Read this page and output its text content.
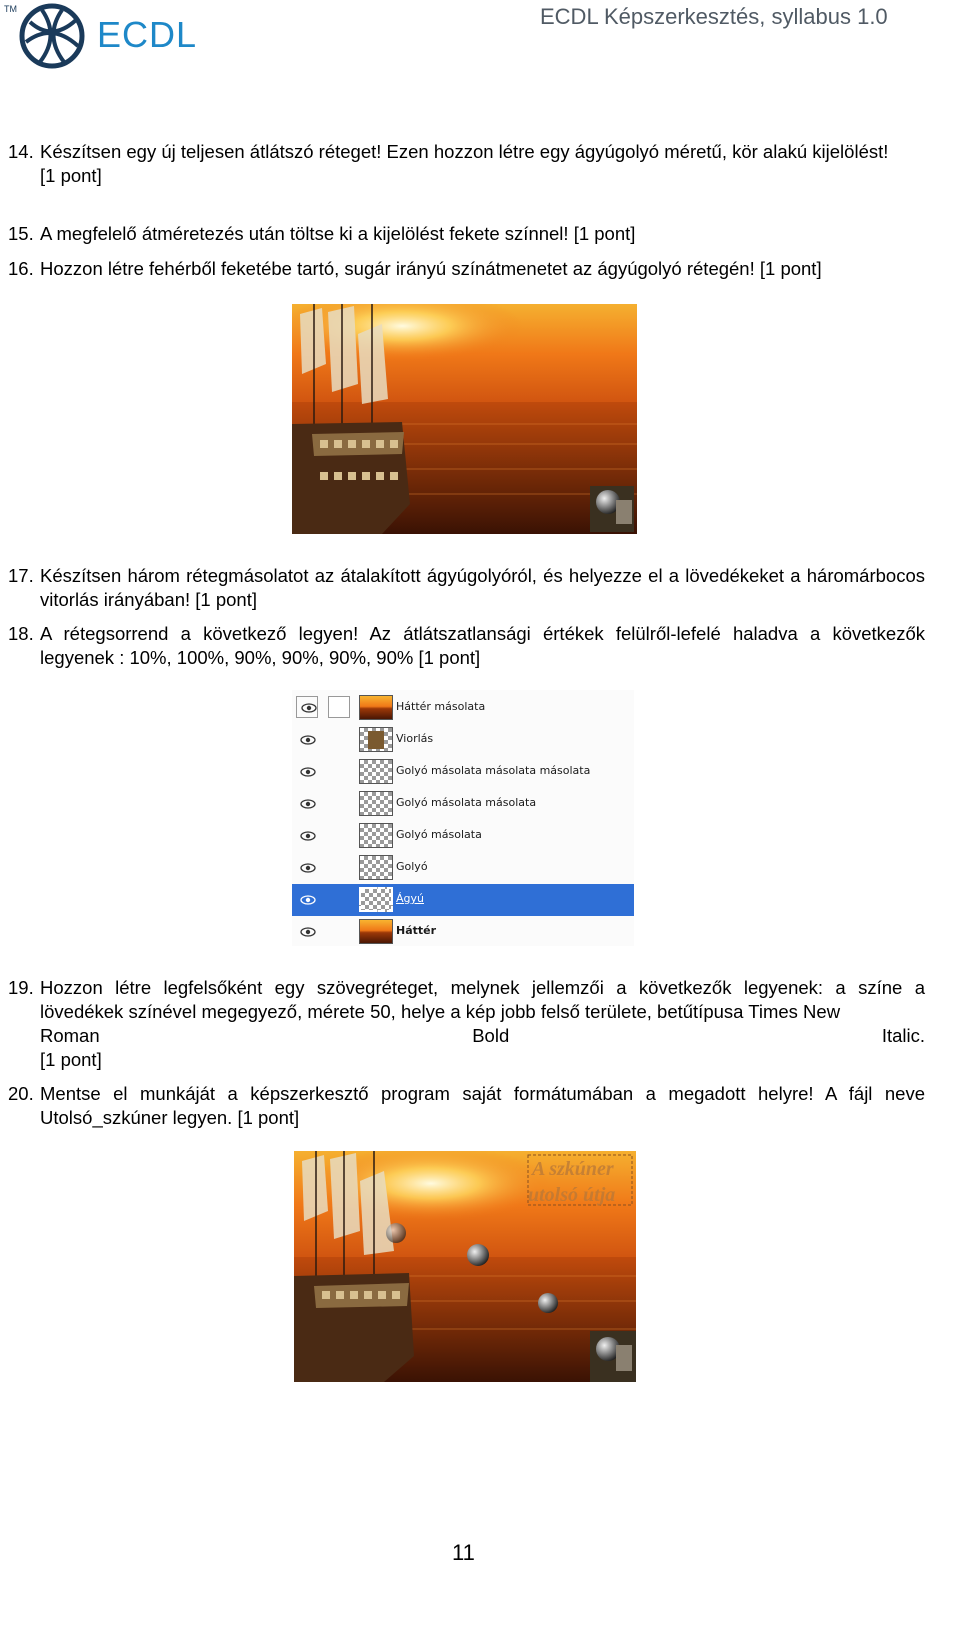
TM
ECDL	ECDL Képszerkesztés, syllabus 1.0
14. Készítsen egy új teljesen átlátszó réteget! Ezen hozzon létre egy ágyúgolyó méretű, kör alakú kijelölést!
[1 pont]
15. A megfelelő átméretezés után töltse ki a kijelölést fekete színnel! [1 pont]
16. Hozzon létre fehérből feketébe tartó, sugár irányú színátmenetet az ágyúgolyó rétegén! [1 pont]
17. Készítsen három rétegmásolatot az átalakított ágyúgolyóról, és helyezze el a lövedékeket a háromárbocos vitorlás irányában! [1 pont]
18. A rétegsorrend a következő legyen! Az átlátszatlansági értékek felülről-lefelé haladva a következők legyenek : 10%, 100%, 90%, 90%, 90%, 90% [1 pont]
Háttér másolata
Viorlás
Golyó másolata másolata másolata
Golyó másolata másolata
Golyó másolata
Golyó
Ágyú
Háttér
19. Hozzon létre legfelsőként egy szövegréteget, melynek jellemzői a következők legyenek: a színe a lövedékek színével megegyező, mérete 50, helye a kép jobb felső területe, betűtípusa Times New
Roman Bold Italic.
[1 pont]
20. Mentse el munkáját a képszerkesztő program saját formátumában a megadott helyre! A fájl neve Utolsó_szkúner legyen. [1 pont]
A szkúner
utolsó útja
11
